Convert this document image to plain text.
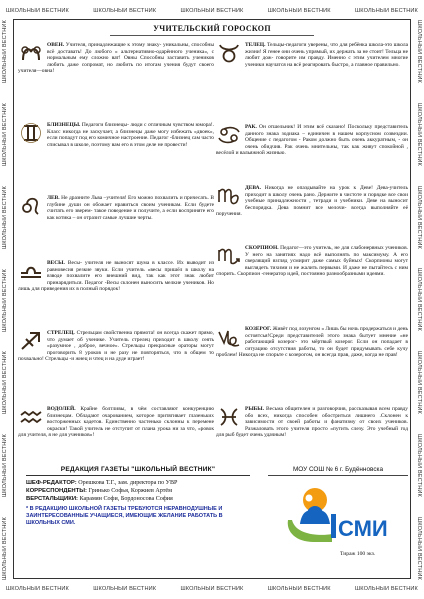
ШКОЛЬНЫЙ ВЕСТНИК	ШКОЛЬНЫЙ ВЕСТНИК	ШКОЛЬНЫЙ ВЕСТНИК	ШКОЛЬНЫЙ ВЕСТНИК	ШКОЛЬНЫЙ ВЕСТНИК
ШКОЛЬНЫЙ ВЕСТНИК	ШКОЛЬНЫЙ ВЕСТНИК	ШКОЛЬНЫЙ ВЕСТНИК	ШКОЛЬНЫЙ ВЕСТНИК	ШКОЛЬНЫЙ ВЕСТНИК
ШКОЛЬНЫЙ ВЕСТНИК
ШКОЛЬНЫЙ ВЕСТНИК
ШКОЛЬНЫЙ ВЕСТНИК
ШКОЛЬНЫЙ ВЕСТНИК
ШКОЛЬНЫЙ ВЕСТНИК
ШКОЛЬНЫЙ ВЕСТНИК
ШКОЛЬНЫЙ ВЕСТНИК	ШКОЛЬНЫЙ ВЕСТНИК
ШКОЛЬНЫЙ ВЕСТНИК
ШКОЛЬНЫЙ ВЕСТНИК
ШКОЛЬНЫЙ ВЕСТНИК
ШКОЛЬНЫЙ ВЕСТНИК
ШКОЛЬНЫЙ ВЕСТНИК
ШКОЛЬНЫЙ ВЕСТНИК
УЧИТЕЛЬСКИЙ ГОРОСКОП
ОВЕН. Учителя, принадлежащие к этому знаку- уникальны, способны всё доставать! До любого « альтернативно-одарённого ученика», с нормальным ему сложно ват! Овны Способны заставить учеников любить даже сопромат, но любить по итогам учения будут своего учителя—овна!
БЛИЗНЕЦЫ. Педагоги близнецы- люди с отличным чувством юмора!. Класс никогда не заскучает, а близнецы даже могу избежать «двоек», если попадут под его комичное настроение. Педагог -близнец сам часто списывал в школе, поэтому вам его в этом деле не провести!
ЛЕВ. Не дразните Льва –учителя! Его можно похвалить и причесать. В глубине души он обожает нравиться своим ученикам. Если будете считать его зверем- такое поведение и получите, а если восприняте его как котика – он отразит самые лучшие черты.
ВЕСЫ. Весы- учителя не выносят шума в классе. Их выводит из равновесия резкие звуки. Если учитель «весы пришёл в школу на взводе похвалите его внешний вид, так как этот знак любит принарядиться. Педагог -Весы склонен выносить мелкие учеников. Но лишь для приведения их в полный порядок!
СТРЕЛЕЦ. Стрельцам свойственна прямота! он всегда скажет прямо, что думает об ученике. Учитель стрелец приходит в школу сеять «разумное , доброе, вечное». Стрельцы прекрасные ораторы могут проговорить 8 уроков и не разу не повторяться, что в общем то похвально! Стрельцы -и жнец и чтец и на дуде играет!
ВОДОЛЕЙ. Крайне болтливы, в чём составляют конкуренцию близнецам. Обладают очарованием, которое притягивает глазеньких восторженных кадетов. Единственно частенько склонны к перемене окраски! Такой учитель не отступит от плана урока ни за что, «ровок для учителя, я не для учеников»!
ТЕЛЕЦ. Тельцы-педагоги уверены, что для ребёнка школа-это школа жизни! Я генее они очень упрямый, их держать за не стоит! Тельца не любит дож- говорите им правду. Именно с этим учителем многие ученики научатся на всё реагировать быстро, а главное правильно.
РАК. Он отшельник! И этим всё сказано! Поскольку представитель данного знака зодиака – единичен в нашем корпусном созвездии. Общение с педагогом - Раком должно быть очень аккуратным, - он очень обидчив. Рак очень мнительны, так как живут спокойной , весёлой и вальяжной жизнью.
ДЕВА. Никогда не опаздывайте на урок к Деве! Дева-учитель приходит в школу очень рано. Держите в чистоте и порядке все свои учебные принадлежности , тетради и учебники. Деве на выносит беспорядка. Дева помнит все мелочи- всегда выполняйте её поручения.
СКОРПИОН. Педагог—это учитель, не для слабонервных учеников. У него на занятиях надо всё выполнять по максимуму. А его сверлящий взгляд усмирит даже самых буйных! Скорпионы могут выглядеть тихими и не жалить первыми. И даже не пытайтесь с ним спорить. Скорпион -генератор идей, постоянно разнообразными идеями.
КОЗЕРОГ. Живёт под лозунгом « Лишь бы ночь продержаться и день остоятсья!Среди представителей этого знака бытует мнение «не работающий козерог- это мёртвый козерог. Если он попадает в ситуацию отсутствия работы, то он будет придумывать себе кучу проблем! Никогда не спорьте с козерогом, он всегда прав, даже, когда не прав!
РЫБЫ. Весьма общителен и разговорчив, рассказывая всем правду обо всех, никогда способен обостриться лишнего .Склонен к зависимости от своей работы и фанатизму от своих учеников. Разжаловать этого учителя просто «путить слезу. Это учебный год для рыб будет очень удачным!
РЕДАКЦИЯ ГАЗЕТЫ "ШКОЛЬНЫЙ ВЕСТНИК"
ШЕФ-РЕДАКТОР: Орешкова Т.Г., зам. директора по УВР
КОРРЕСПОНДЕНТЫ: Гринько Софья, Коржиев Артём
ВЕРСТАЛЬЩИКИ: Карамян Софи, Бордоносова София
* В РЕДАКЦИЮ ШКОЛЬНОЙ ГАЗЕТЫ ТРЕБУЮТСЯ НЕРАВНОДУШНЫЕ И ЗАИНТЕРЕСОВАННЫЕ УЧАЩИЕСЯ, ИМЕЮЩИЕ ЖЕЛАНИЕ РАБОТАТЬ В ШКОЛЬНЫХ СМИ.
МОУ СОШ № 6 г. Будённовска
СМИ
Тираж 100 экз.
